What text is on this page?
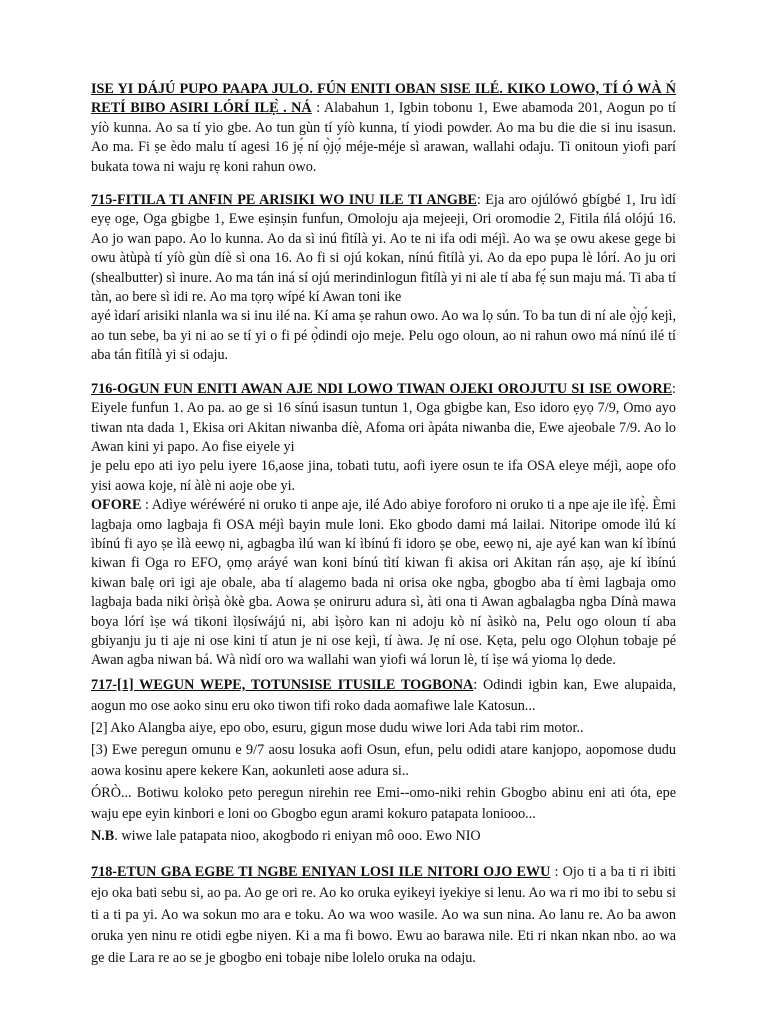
ISE YI DÁJÚ PUPO PAAPA JULO. FÚN ENITI OBAN SISE ILÉ. KIKO LOWO, TÍ Ó WÀ Ń RETÍ BIBO ASIRI LÓRÍ ILẸ̀ . NÁ : Alabahun 1, Igbin tobonu 1, Ewe abamoda 201, Aogun po tí yíò kunna. Ao sa tí yio gbe. Ao tun gùn tí yíò kunna, tí yiodi powder. Ao ma bu die die si inu isasun. Ao ma. Fi ṣe èdo malu tí agesi 16 jẹ́ ní ọ̀jọ́ méje-méje sì arawan, wallahi odaju. Ti onitoun yiofi parí bukata towa ni waju rẹ koni rahun owo.

715-FITILA TI ANFIN PE ARISIKI WO INU ILE TI ANGBE: Eja aro ojúlówó gbígbé 1, Iru ìdí eyẹ oge, Oga gbigbe 1, Ewe eṣinṣin funfun, Omoloju aja mejeeji, Ori oromodie 2, Fitila ńlá olójú 16. Ao jo wan papo. Ao lo kunna. Ao da sì inú fìtílà yi. Ao te ni ifa odi méjì. Ao wa ṣe owu akese gege bi owu àtùpà tí yíò gùn díè sì ona 16. Ao fi si ojú kokan, nínú fìtílà yi. Ao da epo pupa lè lórí. Ao ju ori (shealbutter) sì inure. Ao ma tán iná sí ojú merindinlogun fìtílà yi ni ale tí aba fẹ́ sun maju má. Ti aba tí tàn, ao bere sì idi re. Ao ma tọrọ wípé kí Awan toni ike

ayé ìdarí arisiki nlanla wa si inu ilé na. Kí ama ṣe rahun owo. Ao wa lọ sún. To ba tun di ní ale ọ̀jọ́ kejì, ao tun sebe, ba yi ni ao se tí yi o fi pé ọ̀dindi ojo meje. Pelu ogo oloun, ao ni rahun owo má nínú ilé tí aba tán fìtílà yi si odaju.

716-OGUN FUN ENITI AWAN AJE NDI LOWO TIWAN OJEKI OROJUTU SI ISE OWORE: Eiyele funfun 1. Ao pa. ao ge si 16 sínú isasun tuntun 1, Oga gbigbe kan, Eso idoro ẹyọ 7/9, Omo ayo tiwan nta dada 1, Ekisa ori Akitan niwanba díè, Afoma ori àpáta niwanba die, Ewe ajeobale 7/9. Ao lo Awan kini yi papo. Ao fise eiyele yi

je pelu epo ati iyo pelu iyere 16,aose jina, tobati tutu, aofi iyere osun te ifa OSA eleye méjì, aope ofo yisi aowa koje, ní àlè ni aoje obe yi.

OFORE : Adìye wéréwéré ni oruko ti anpe aje, ilé Ado abiye foroforo ni oruko ti a npe aje ile ìfẹ̀. Èmi lagbaja omo lagbaja fi OSA méjì bayin mule loni. Eko gbodo dami má lailai. Nitoripe omode ìlú kí ìbínú fi ayo ṣe ìlà eewọ ni, agbagba ìlú wan kí ìbínú fi idoro ṣe obe, eewọ ni, aje ayé kan wan kí ìbínú kiwan fi Oga ro EFO, ọmọ aráyé wan koni bínú tìtí kiwan fi akisa ori Akitan rán aṣọ, aje kí ìbínú kiwan balẹ ori igi aje obale, aba tí alagemo bada ni orisa oke ngba, gbogbo aba tí èmi lagbaja omo lagbaja bada niki òrìṣà òkè gba. Aowa ṣe oniruru adura sì, àti ona ti Awan agbalagba ngba Dínà mawa boya lórí ìṣe wá tikoni ìlọsíwájú ni, abi ìṣòro kan ni adoju kò ní àsìkò na, Pelu ogo oloun tí aba gbiyanju ju ti aje ni ose kini tí atun je ni ose kejì, tí àwa. Jẹ ní ose. Kẹta, pelu ogo Olọhun tobaje pé Awan agba niwan bá. Wà nìdí oro wa wallahi wan yiofi wá lorun lè, tí ìṣe wá yioma lọ dede.

717-[1] WEGUN WEPE, TOTUNSISE ITUSILE TOGBONA: Odindi igbin kan, Ewe alupaida, aogun mo ose aoko sinu eru oko tiwon tifi roko dada aomafiwe lale Katosun...

[2] Ako Alangba aiye, epo obo, esuru, gigun mose dudu wiwe lori Ada tabi rim motor..

[3) Ewe peregun omunu e 9/7 aosu losuka aofi Osun, efun, pelu odidi atare kanjopo, aopomose dudu aowa kosinu apere kekere Kan, aokunleti aose adura si..

ÓRÒ... Botiwu koloko peto peregun nirehin ree Emi--omo-niki rehin Gbogbo abinu eni ati óta, epe waju epe eyin kinbori e loni oo Gbogbo egun arami kokuro patapata loniooo...

N.B. wiwe lale patapata nioo, akogbodo ri eniyan mô ooo. Ewo NIO

718-ETUN GBA EGBE TI NGBE ENIYAN LOSI ILE NITORI OJO EWU : Ojo ti a ba ti ri ibiti ejo oka bati sebu si, ao pa. Ao ge ori re. Ao ko oruka eyikeyi iyekiye si lenu. Ao wa ri mo ibi to sebu si ti a ti pa yi. Ao wa sokun mo ara e toku. Ao wa woo wasile. Ao wa sun nina. Ao lanu re. Ao ba awon oruka yen ninu re otidi egbe niyen. Ki a ma fi bowo. Ewu ao barawa nile. Eti ri nkan nkan nbo. ao wa ge die Lara re ao se je gbogbo eni tobaje nibe lolelo oruka na odaju.
